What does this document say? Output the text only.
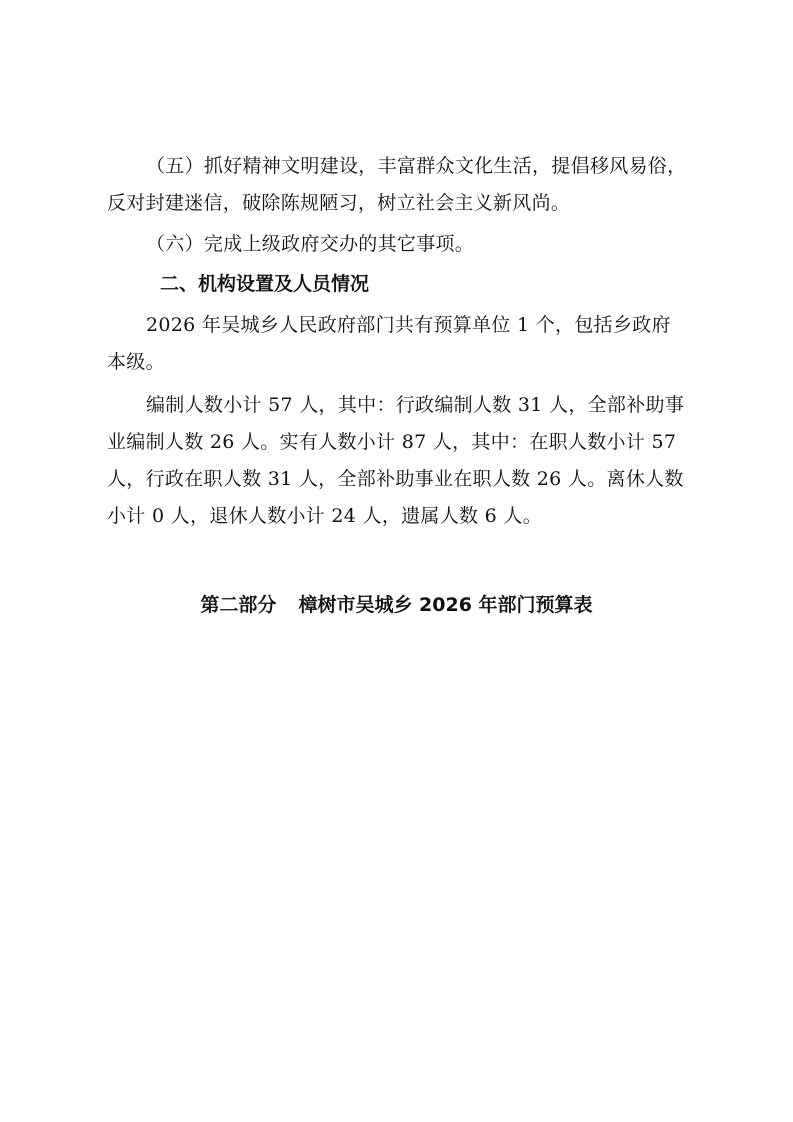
（五）抓好精神文明建设，丰富群众文化生活，提倡移风易俗，反对封建迷信，破除陈规陋习，树立社会主义新风尚。

（六）完成上级政府交办的其它事项。

二、机构设置及人员情况

2026 年吴城乡人民政府部门共有预算单位 1 个，包括乡政府本级。

编制人数小计 57 人，其中：行政编制人数 31 人，全部补助事业编制人数 26 人。实有人数小计 87 人，其中：在职人数小计 57 人，行政在职人数 31 人，全部补助事业在职人数 26 人。离休人数小计 0 人，退休人数小计 24 人，遗属人数 6 人。

第二部分 樟树市吴城乡 2026 年部门预算表
